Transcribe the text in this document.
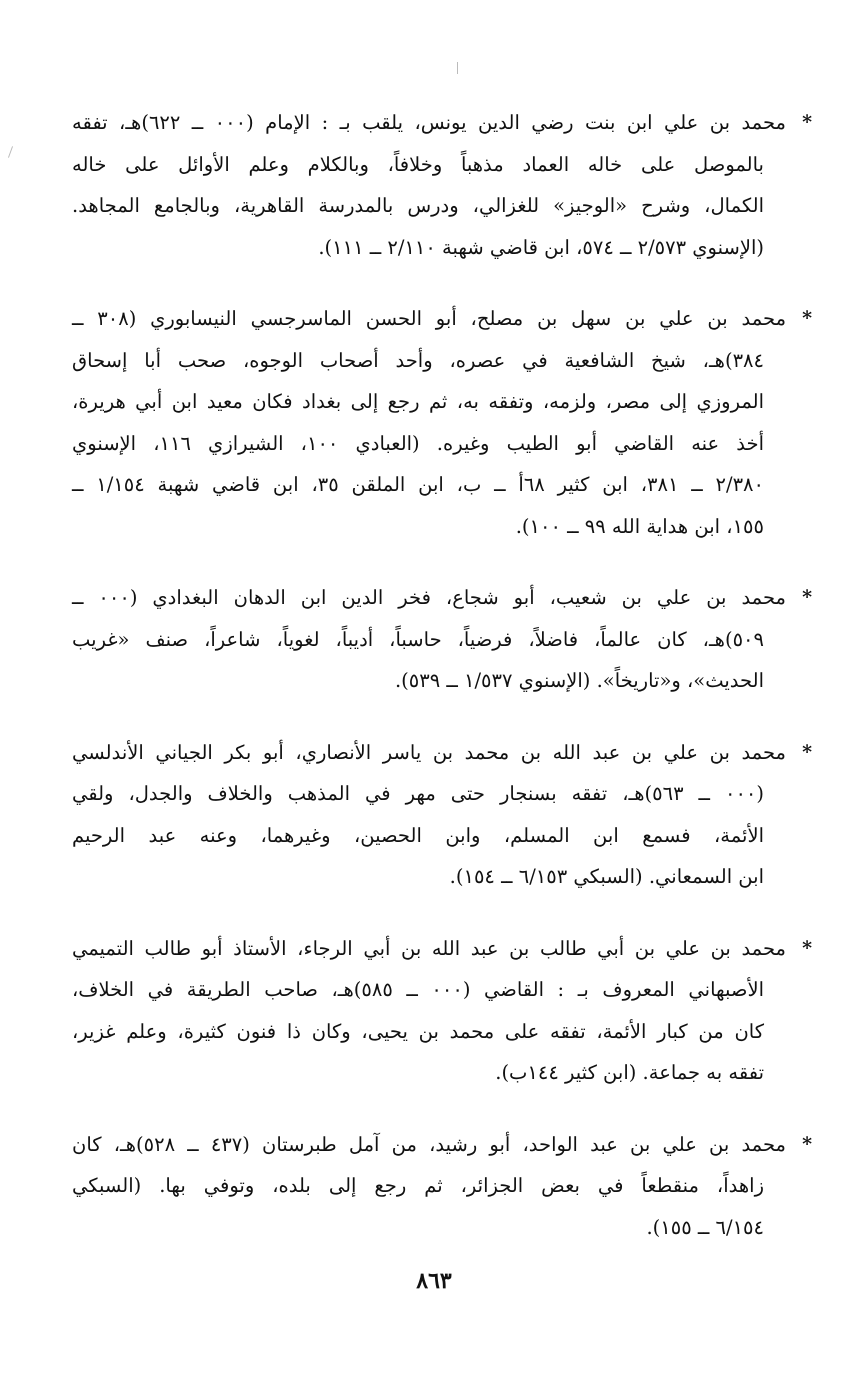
*
محمد بن علي ابن بنت رضي الدين يونس، يلقب بـ : الإمام (٠٠٠ ــ ٦٢٢)هـ، تفقه
بالموصل على خاله العماد مذهباً وخلافاً، وبالكلام وعلم الأوائل على خاله
الكمال، وشرح «الوجيز» للغزالي، ودرس بالمدرسة القاهرية، وبالجامع المجاهد.
(الإسنوي ٢/٥٧٣ ــ ٥٧٤، ابن قاضي شهبة ٢/١١٠ ــ ١١١).

*
محمد بن علي بن سهل بن مصلح، أبو الحسن الماسرجسي النيسابوري (٣٠٨ ــ
٣٨٤)هـ، شيخ الشافعية في عصره، وأحد أصحاب الوجوه، صحب أبا إسحاق
المروزي إلى مصر، ولزمه، وتفقه به، ثم رجع إلى بغداد فكان معيد ابن أبي هريرة،
أخذ عنه القاضي أبو الطيب وغيره. (العبادي ١٠٠، الشيرازي ١١٦، الإسنوي
٢/٣٨٠ ــ ٣٨١، ابن كثير ٦٨أ ــ ب، ابن الملقن ٣٥، ابن قاضي شهبة ١/١٥٤ ــ
١٥٥، ابن هداية الله ٩٩ ــ ١٠٠).

*
محمد بن علي بن شعيب، أبو شجاع، فخر الدين ابن الدهان البغدادي (٠٠٠ ــ
٥٠٩)هـ، كان عالماً، فاضلاً، فرضياً، حاسباً، أديباً، لغوياً، شاعراً، صنف «غريب
الحديث»، و«تاريخاً». (الإسنوي ١/٥٣٧ ــ ٥٣٩).

*
محمد بن علي بن عبد الله بن محمد بن ياسر الأنصاري، أبو بكر الجياني الأندلسي
(٠٠٠ ــ ٥٦٣)هـ، تفقه بسنجار حتى مهر في المذهب والخلاف والجدل، ولقي
الأئمة، فسمع ابن المسلم، وابن الحصين، وغيرهما، وعنه عبد الرحيم
ابن السمعاني. (السبكي ٦/١٥٣ ــ ١٥٤).

*
محمد بن علي بن أبي طالب بن عبد الله بن أبي الرجاء، الأستاذ أبو طالب التميمي
الأصبهاني المعروف بـ : القاضي (٠٠٠ ــ ٥٨٥)هـ، صاحب الطريقة في الخلاف،
كان من كبار الأئمة، تفقه على محمد بن يحيى، وكان ذا فنون كثيرة، وعلم غزير،
تفقه به جماعة. (ابن كثير ١٤٤ب).

*
محمد بن علي بن عبد الواحد، أبو رشيد، من آمل طبرستان (٤٣٧ ــ ٥٢٨)هـ، كان
زاهداً، منقطعاً في بعض الجزائر، ثم رجع إلى بلده، وتوفي بها. (السبكي
٦/١٥٤ ــ ١٥٥).

٨٦٣
